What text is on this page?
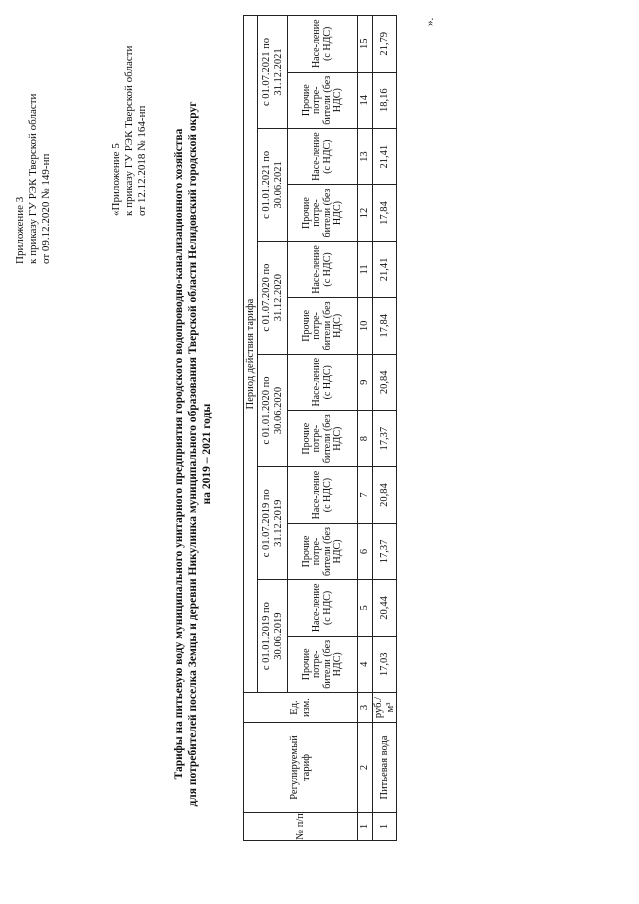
Приложение 3 к приказу ГУ РЭК Тверской области от 09.12.2020 № 149-нп	«Приложение 5 к приказу ГУ РЭК Тверской области от 12.12.2018 № 164-нп Тарифы на питьевую воду муниципального унитарного предприятия городского водопроводно-канализационного хозяйства для потребителей поселка Земцы и деревни Никулинка муниципального образования Тверской области Нелидовский городской округ на 2019 – 2021 годы
№ п/п	Регулируемый тариф	Ед. изм.	Период действия тарифа											
			с 01.01.2019 по 30.06.2019		с 01.07.2019 по 31.12.2019		с 01.01.2020 по 30.06.2020		с 01.07.2020 по 31.12.2020		с 01.01.2021 по 30.06.2021		с 01.07.2021 по 31.12.2021	
			Прочие потре-бители (без НДС)	Насе-ление (с НДС)	Прочие потре-бители (без НДС)	Насе-ление (с НДС)	Прочие потре-бители (без НДС)	Насе-ление (с НДС)	Прочие потре-бители (без НДС)	Насе-ление (с НДС)	Прочие потре-бители (без НДС)	Насе-ление (с НДС)	Прочие потре-бители (без НДС)	Насе-ление (с НДС)
1	2	3	4	5	6	7	8	9	10	11	12	13	14	15
1	Питьевая вода	руб./м³	17,03	20,44	17,37	20,84	17,37	20,84	17,84	21,41	17,84	21,41	18,16	21,79
».
